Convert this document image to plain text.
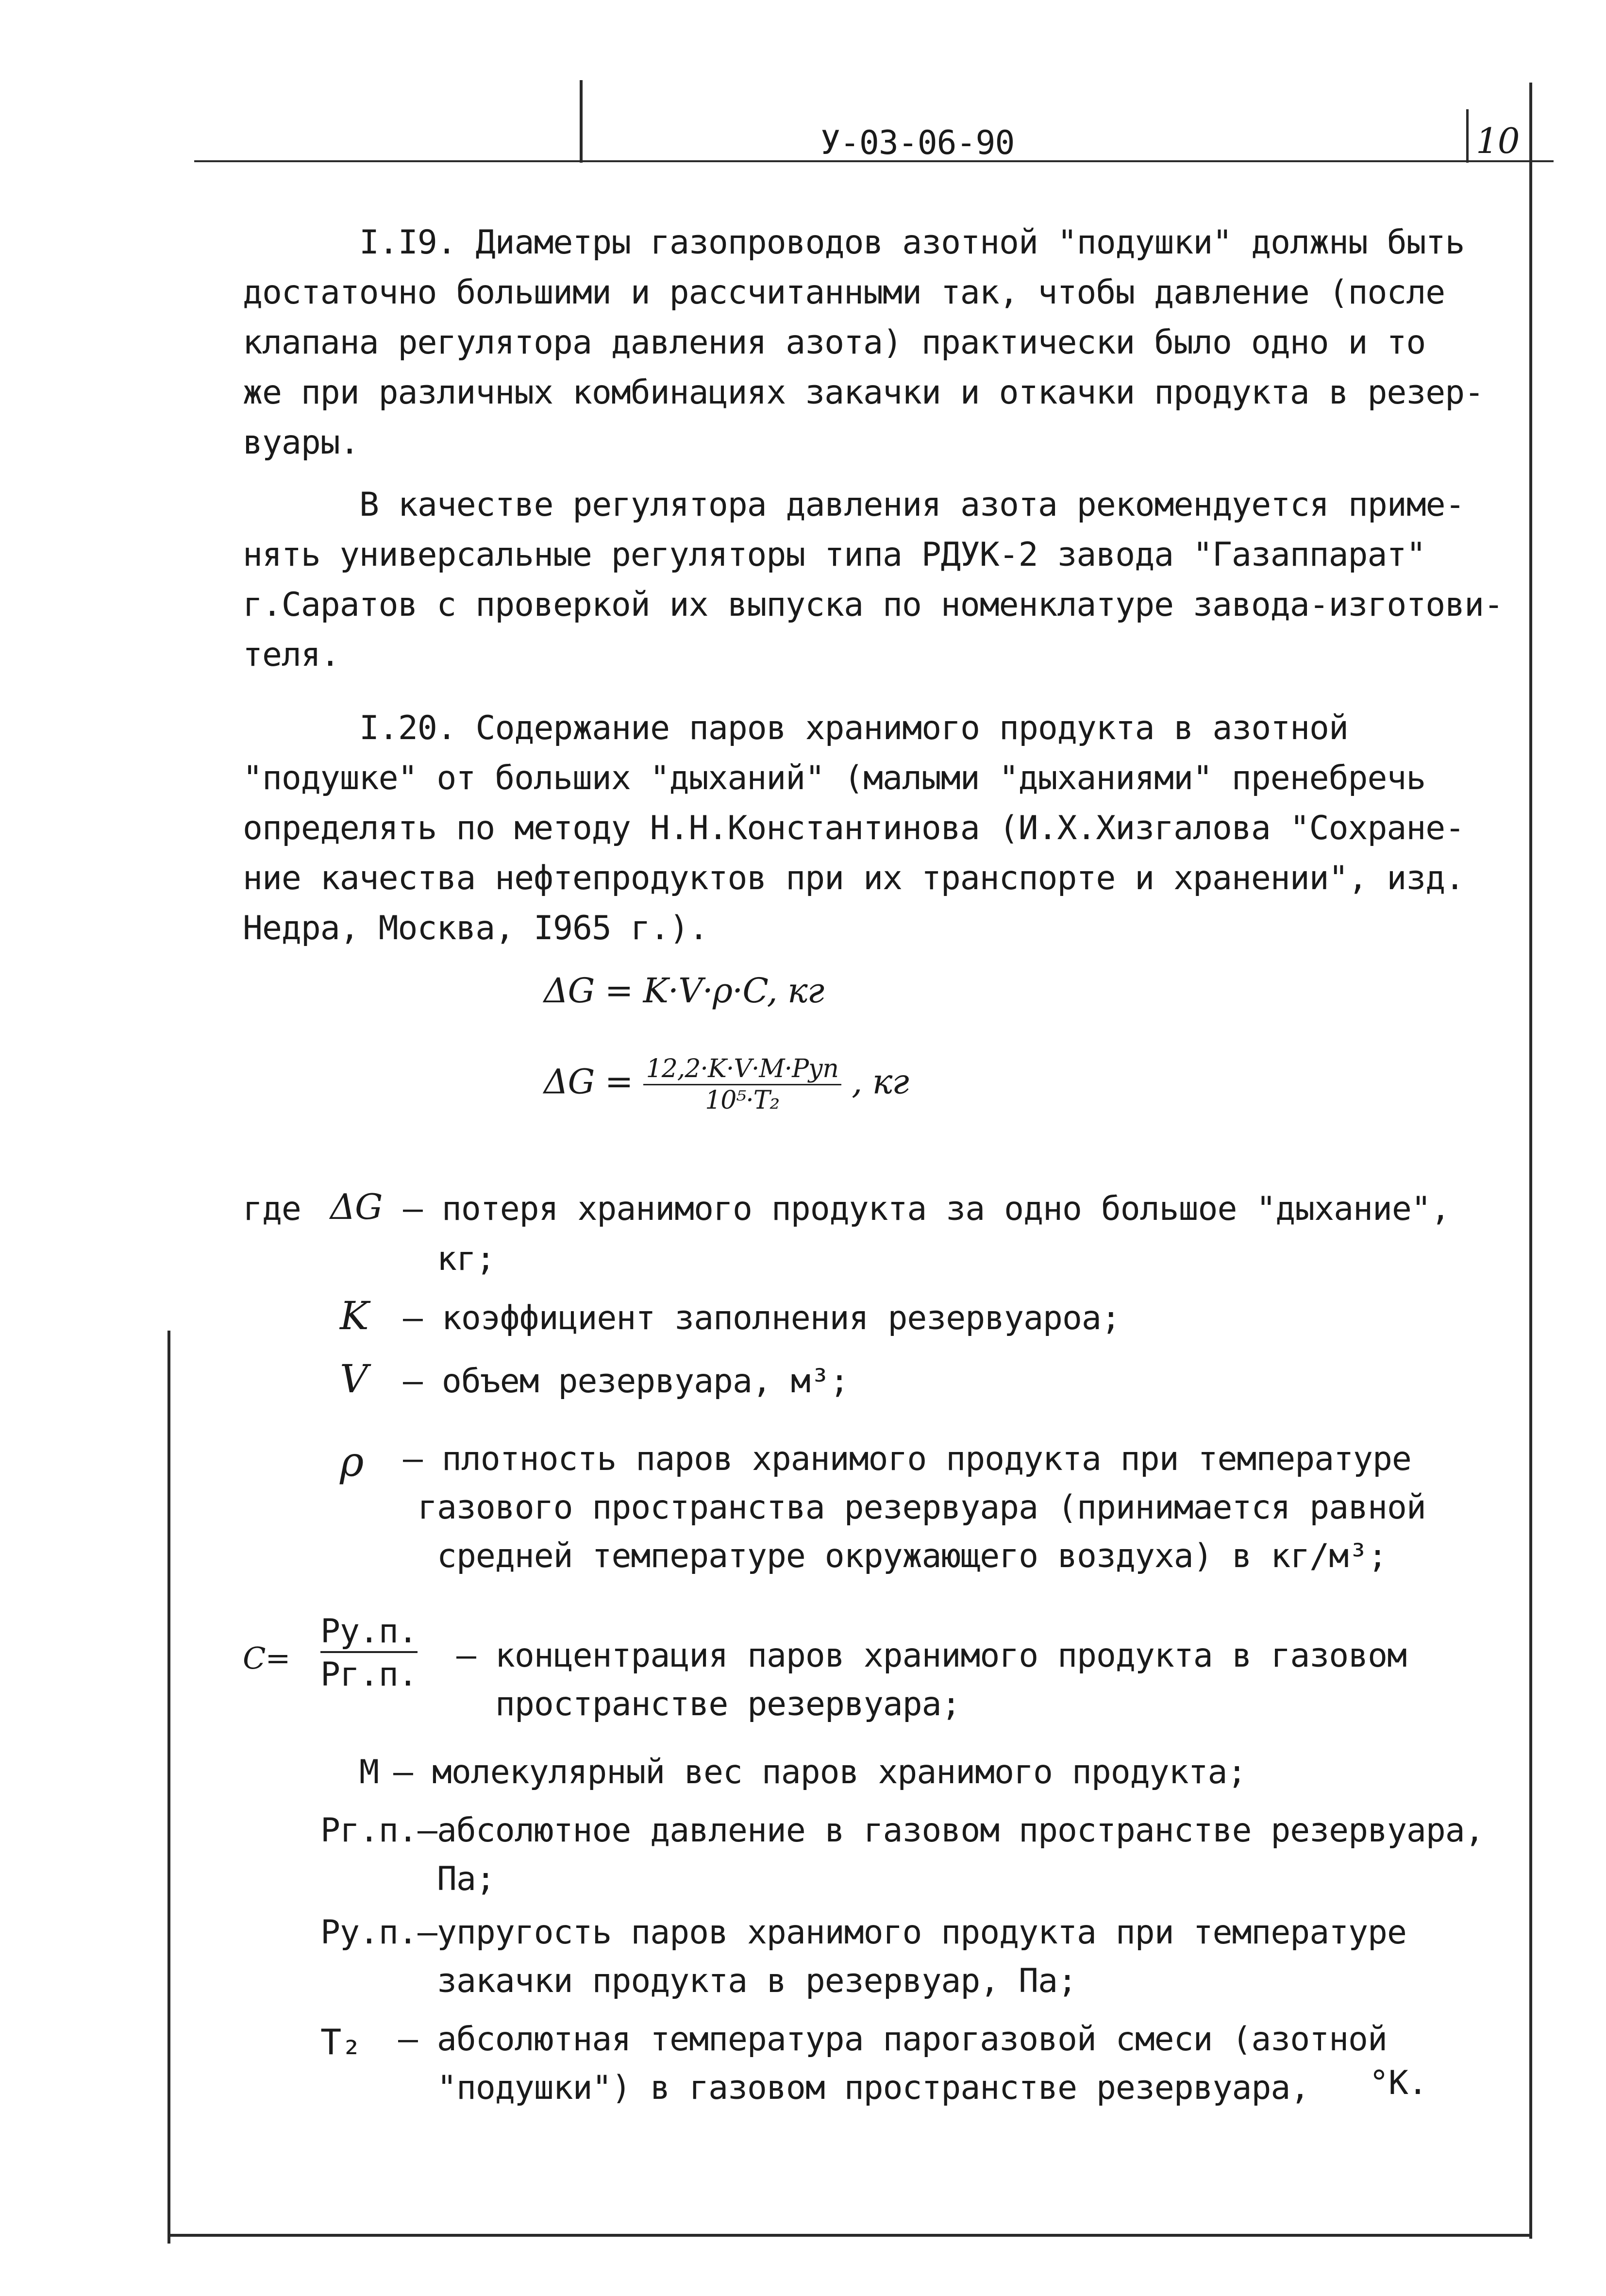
У-03-06-90	10
I.I9. Диаметры газопроводов азотной "подушки" должны быть
достаточно большими и рассчитанными так, чтобы давление (после
клапана регулятора давления азота) практически было одно и то
же при различных комбинациях закачки и откачки продукта в резер-
вуары.
В качестве регулятора давления азота рекомендуется приме-
нять универсальные регуляторы типа РДУК-2 завода "Газаппарат"
г.Саратов с проверкой их выпуска по номенклатуре завода-изготови-
теля.
I.20. Содержание паров хранимого продукта в азотной
"подушке" от больших "дыханий" (малыми "дыханиями" пренебречь
определять по методу Н.Н.Константинова (И.Х.Хизгалова "Сохране-
ние качества нефтепродуктов при их транспорте и хранении", изд.
Недра, Москва, I965 г.).
ΔG = K·V·ρ·C, кг
$\Delta G = \frac{\text{12,2·K·V·M·Pуп}}{\text{10⁵·T₂}}$ , кг
где ΔG – потеря хранимого продукта за одно большое "дыхание",
кг;
K – коэффициент заполнения резервуароа;
V – объем резервуара, м³;
ρ – плотность паров хранимого продукта при температуре
газового пространства резервуара (принимается равной
средней температуре окружающего воздуха) в кг/м³;
С=
Ру.п.
Рг.п. – концентрация паров хранимого продукта в газовом
пространстве резервуара;
М – молекулярный вес паров хранимого продукта;
Рг.п. –абсолютное давление в газовом пространстве резервуара,
Па;
Ру.п. –упругость паров хранимого продукта при температуре
закачки продукта в резервуар, Па;
T₂ – абсолютная температура парогазовой смеси (азотной
"подушки") в газовом пространстве резервуара, °К.
